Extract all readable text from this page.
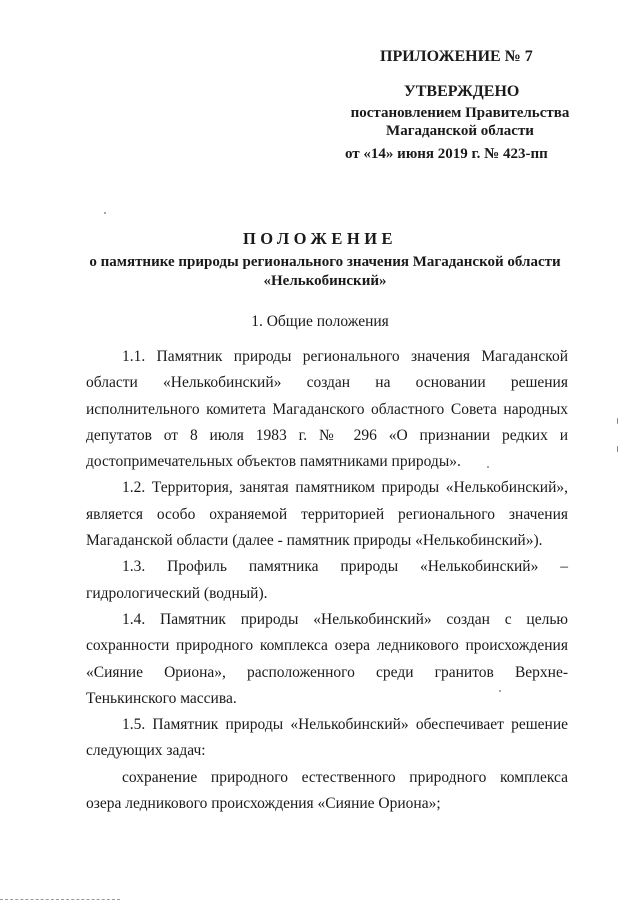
ПРИЛОЖЕНИЕ № 7
УТВЕРЖДЕНО
постановлением Правительства
Магаданской области
от «14» июня 2019 г. № 423-пп
ПОЛОЖЕНИЕ
о памятнике природы регионального значения Магаданской области
«Нелькобинский»
1. Общие положения

1.1. Памятник природы регионального значения Магаданской области «Нелькобинский» создан на основании решения исполнительного комитета Магаданского областного Совета народных депутатов от 8 июля 1983 г. № 296 «О признании редких и достопримечательных объектов памятниками природы».

1.2. Территория, занятая памятником природы «Нелькобинский», является особо охраняемой территорией регионального значения Магаданской области (далее - памятник природы «Нелькобинский»).

1.3. Профиль памятника природы «Нелькобинский» – гидрологический (водный).

1.4. Памятник природы «Нелькобинский» создан с целью сохранности природного комплекса озера ледникового происхождения «Сияние Ориона», расположенного среди гранитов Верхне-Тенькинского массива.

1.5. Памятник природы «Нелькобинский» обеспечивает решение следующих задач:

сохранение природного естественного природного комплекса озера ледникового происхождения «Сияние Ориона»;
